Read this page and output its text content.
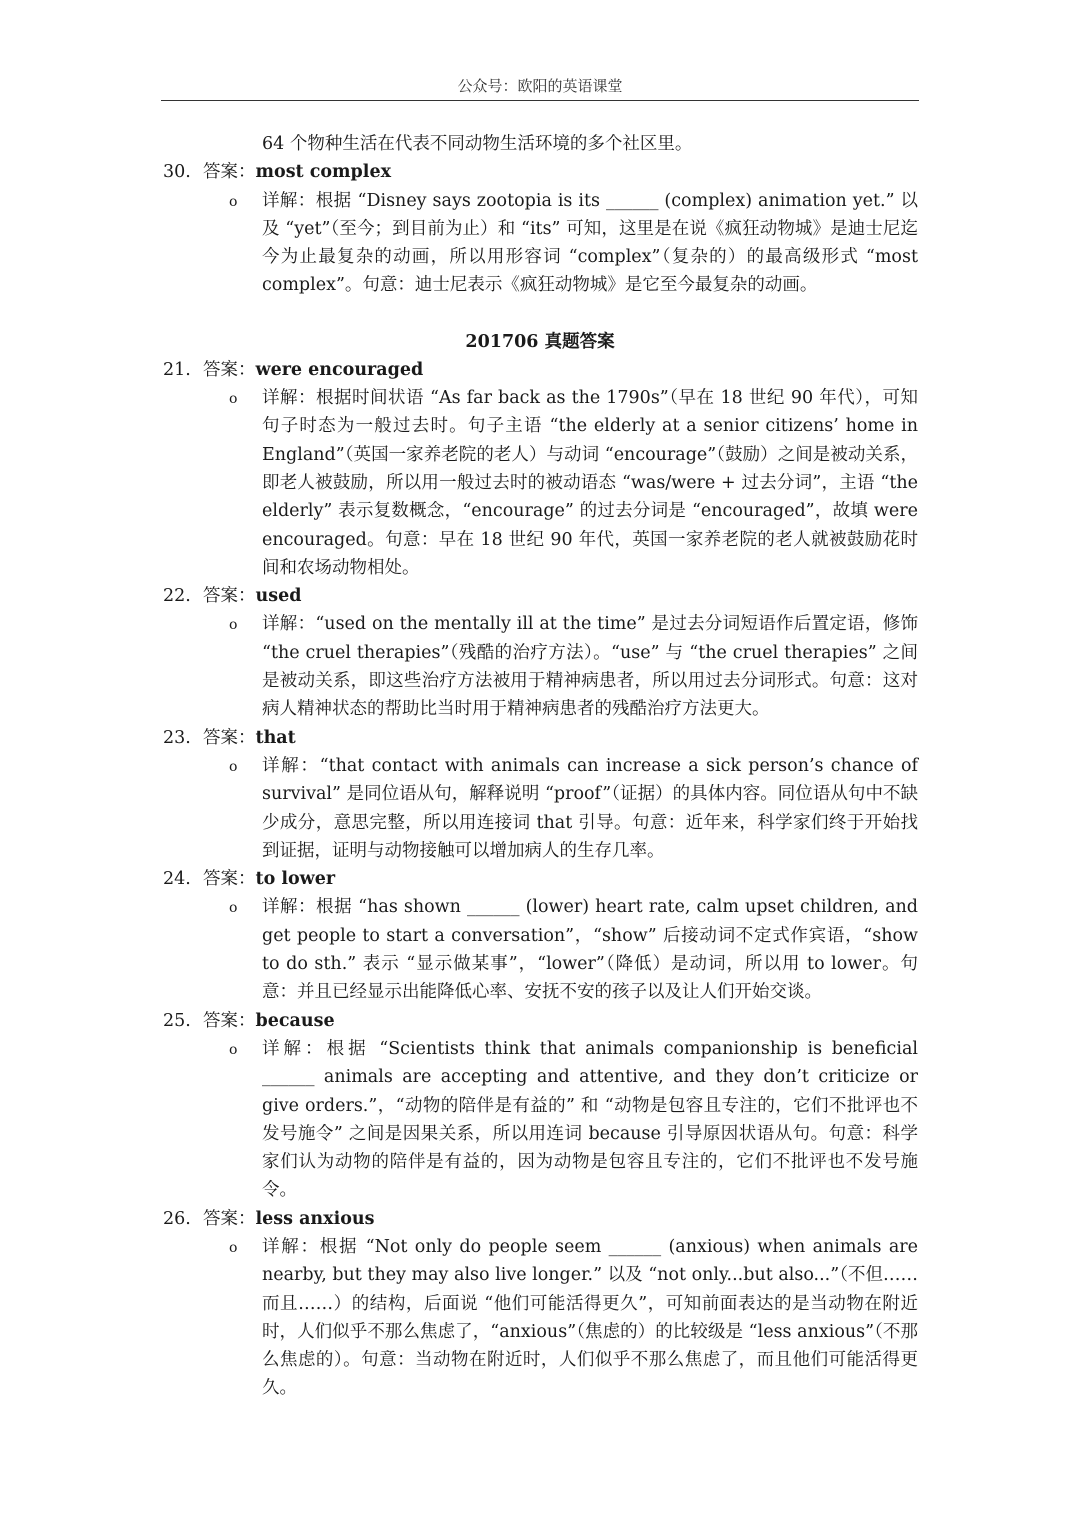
公众号：欧阳的英语课堂
64 个物种生活在代表不同动物生活环境的多个社区里。
30. 答案：most complex
o 详解：根据 “Disney says zootopia is its ______ (complex) animation yet.” 以及 “yet”（至今；到目前为止）和 “its” 可知，这里是在说《疯狂动物城》是迪士尼迄今为止最复杂的动画，所以用形容词 “complex”（复杂的）的最高级形式 “most complex”。句意：迪士尼表示《疯狂动物城》是它至今最复杂的动画。
201706 真题答案
21. 答案：were encouraged
o 详解：根据时间状语 “As far back as the 1790s”（早在 18 世纪 90 年代），可知句子时态为一般过去时。句子主语 “the elderly at a senior citizens’ home in England”（英国一家养老院的老人）与动词 “encourage”（鼓励）之间是被动关系，即老人被鼓励，所以用一般过去时的被动语态 “was/were + 过去分词”，主语 “the elderly” 表示复数概念，“encourage” 的过去分词是 “encouraged”，故填 were encouraged。句意：早在 18 世纪 90 年代，英国一家养老院的老人就被鼓励花时间和农场动物相处。
22. 答案：used
o 详解：“used on the mentally ill at the time” 是过去分词短语作后置定语，修饰 “the cruel therapies”（残酷的治疗方法）。“use” 与 “the cruel therapies” 之间是被动关系，即这些治疗方法被用于精神病患者，所以用过去分词形式。句意：这对病人精神状态的帮助比当时用于精神病患者的残酷治疗方法更大。
23. 答案：that
o 详解：“that contact with animals can increase a sick person’s chance of survival” 是同位语从句，解释说明 “proof”（证据）的具体内容。同位语从句中不缺少成分，意思完整，所以用连接词 that 引导。句意：近年来，科学家们终于开始找到证据，证明与动物接触可以增加病人的生存几率。
24. 答案：to lower
o 详解：根据 “has shown ______ (lower) heart rate, calm upset children, and get people to start a conversation”，“show” 后接动词不定式作宾语，“show to do sth.” 表示 “显示做某事”，“lower”（降低）是动词，所以用 to lower。句意：并且已经显示出能降低心率、安抚不安的孩子以及让人们开始交谈。
25. 答案：because
o 详解：根据 “Scientists think that animals companionship is beneficial ______ animals are accepting and attentive, and they don’t criticize or give orders.”，“动物的陪伴是有益的” 和 “动物是包容且专注的，它们不批评也不发号施令” 之间是因果关系，所以用连词 because 引导原因状语从句。句意：科学家们认为动物的陪伴是有益的，因为动物是包容且专注的，它们不批评也不发号施令。
26. 答案：less anxious
o 详解：根据 “Not only do people seem ______ (anxious) when animals are nearby, but they may also live longer.” 以及 “not only...but also...”（不但…… 而且……）的结构，后面说 “他们可能活得更久”，可知前面表达的是当动物在附近时，人们似乎不那么焦虑了，“anxious”（焦虑的）的比较级是 “less anxious”（不那么焦虑的）。句意：当动物在附近时，人们似乎不那么焦虑了，而且他们可能活得更久。
